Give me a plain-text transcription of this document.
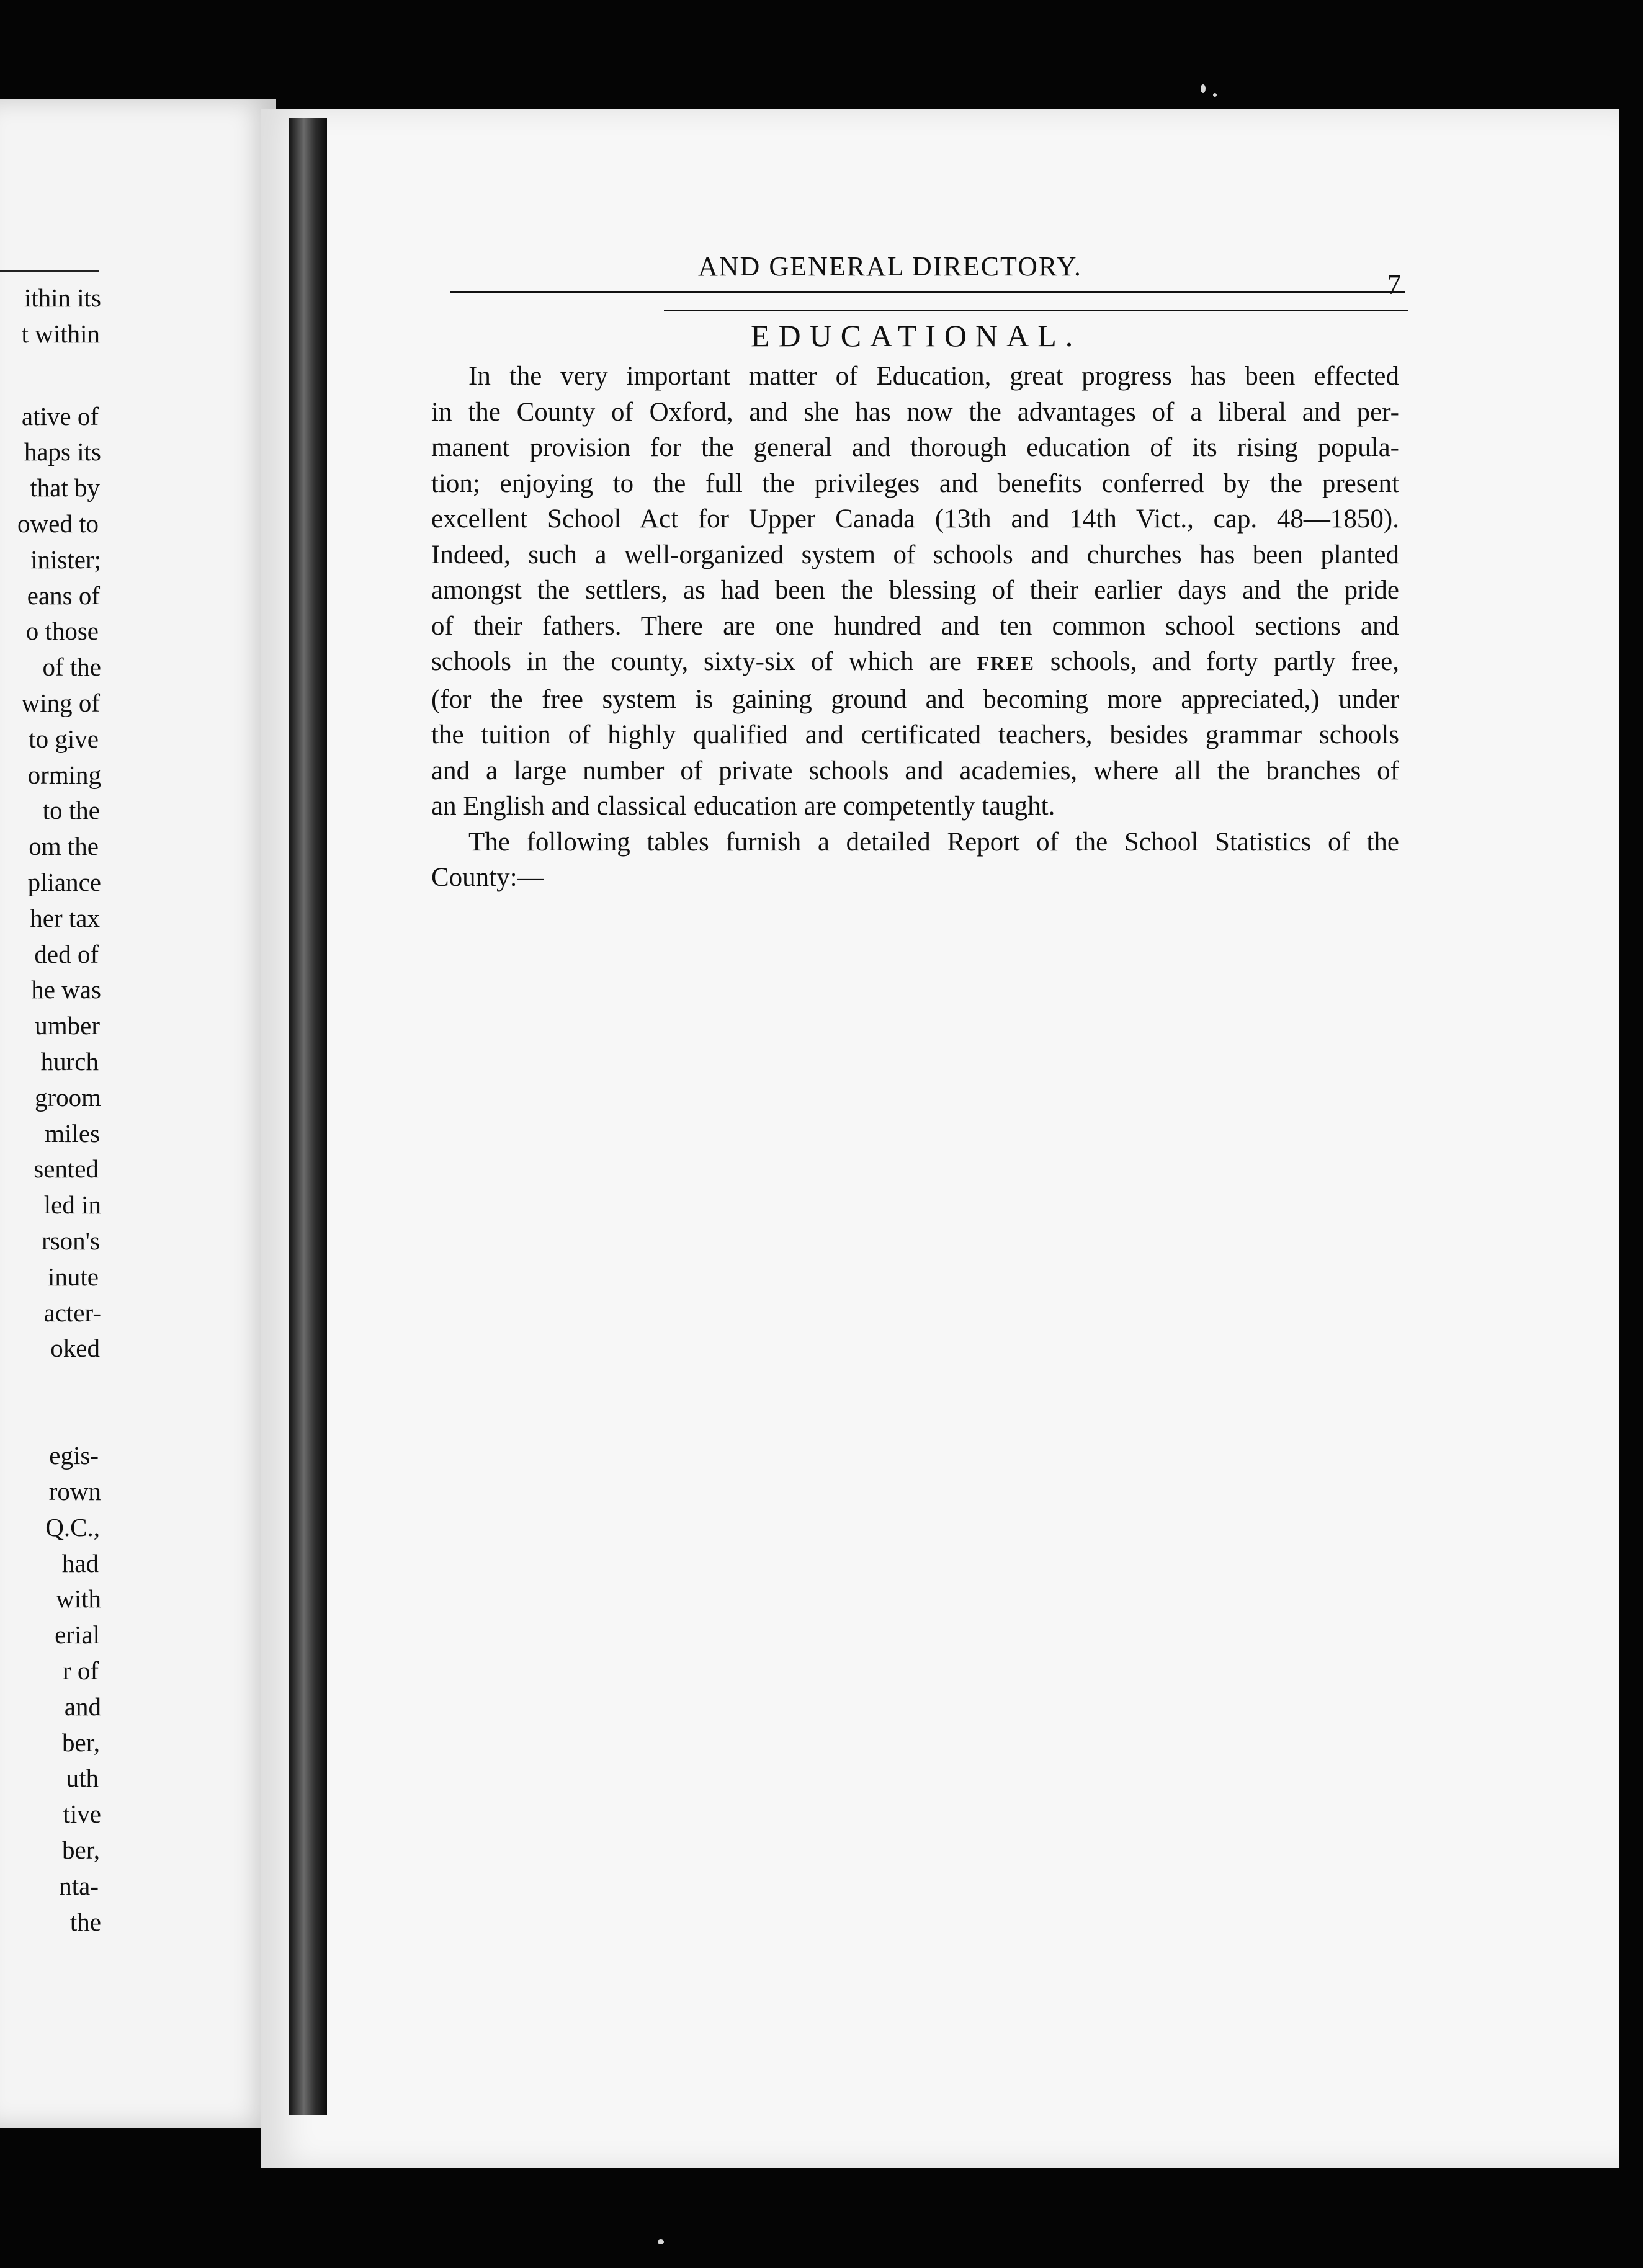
ithin its
t within
ative of
haps its
that by
owed to
inister;
eans of
o those
of the
wing of
to give
orming
to the
om the
pliance
her tax
ded of
he was
umber
hurch
groom
miles
sented
led in
rson's
inute
acter-
oked
egis-
rown
Q.C.,
had
with
erial
r of
and
ber,
uth
tive
ber,
nta-
the
AND GENERAL DIRECTORY.
7
EDUCATIONAL.
In the very important matter of Education, great progress has been effected
in the County of Oxford, and she has now the advantages of a liberal and per-
manent provision for the general and thorough education of its rising popula-
tion; enjoying to the full the privileges and benefits conferred by the present
excellent School Act for Upper Canada (13th and 14th Vict., cap. 48—1850).
Indeed, such a well-organized system of schools and churches has been planted
amongst the settlers, as had been the blessing of their earlier days and the pride
of their fathers. There are one hundred and ten common school sections and
schools in the county, sixty-six of which are FREE schools, and forty partly free,
(for the free system is gaining ground and becoming more appreciated,) under
the tuition of highly qualified and certificated teachers, besides grammar schools
and a large number of private schools and academies, where all the branches of
an English and classical education are competently taught.
The following tables furnish a detailed Report of the School Statistics of the
County:—
